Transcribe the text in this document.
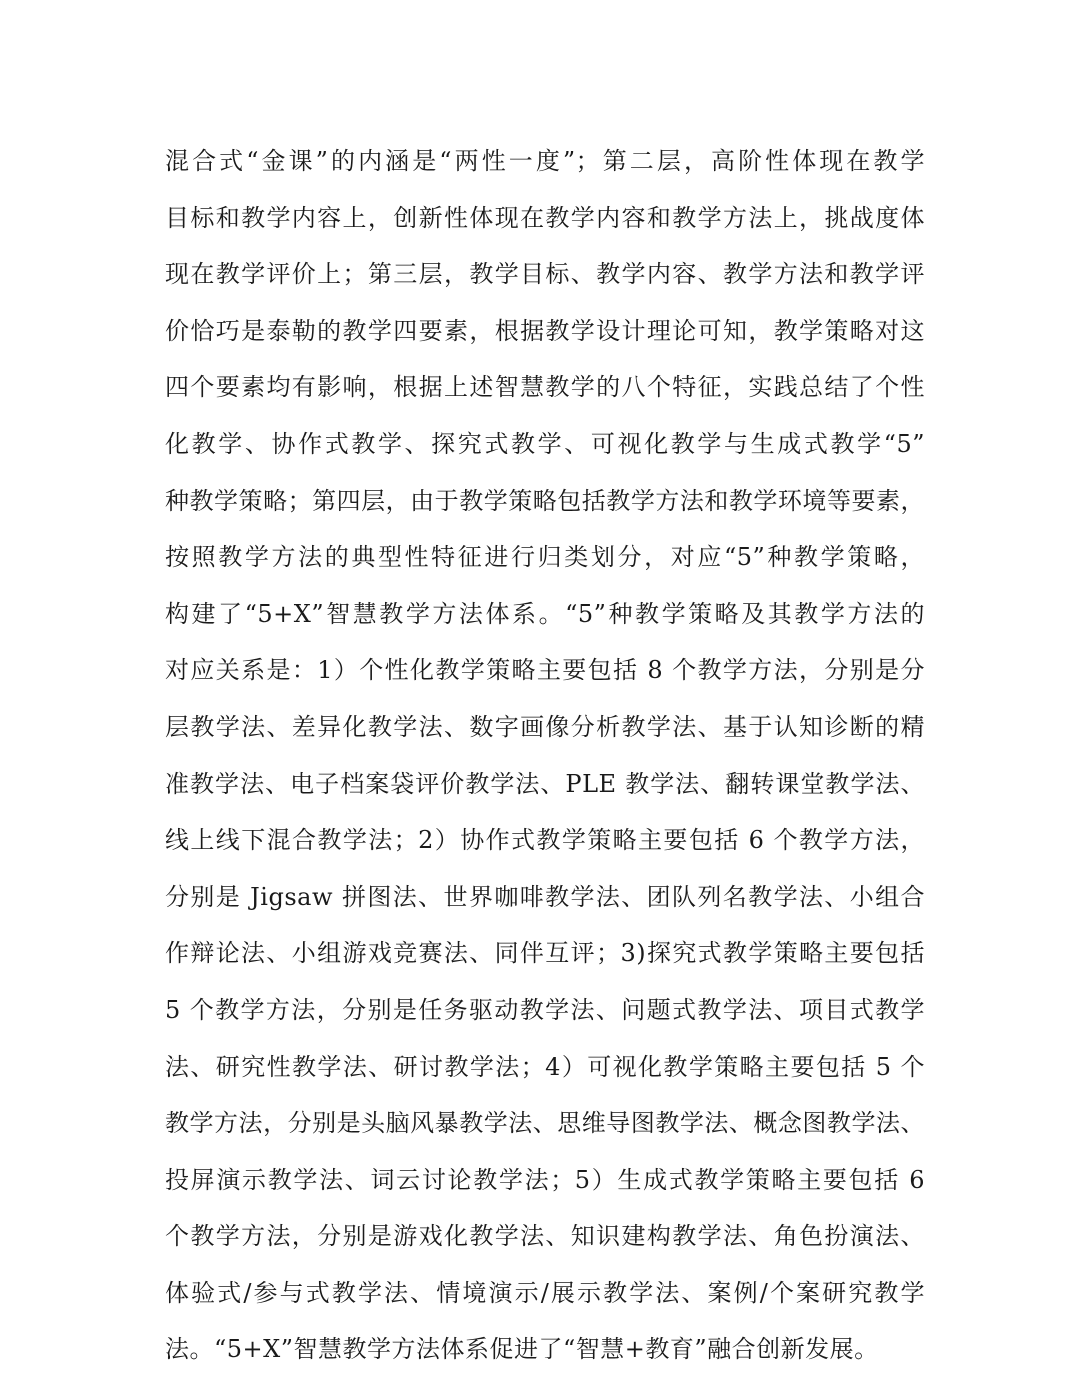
混合式“金课”的内涵是“两性一度”；第二层，高阶性体现在教学
目标和教学内容上，创新性体现在教学内容和教学方法上，挑战度体
现在教学评价上；第三层，教学目标、教学内容、教学方法和教学评
价恰巧是泰勒的教学四要素，根据教学设计理论可知，教学策略对这
四个要素均有影响，根据上述智慧教学的八个特征，实践总结了个性
化教学、协作式教学、探究式教学、可视化教学与生成式教学“5”
种教学策略；第四层，由于教学策略包括教学方法和教学环境等要素，
按照教学方法的典型性特征进行归类划分，对应“5”种教学策略，
构建了“5+X”智慧教学方法体系。“5”种教学策略及其教学方法的
对应关系是：1）个性化教学策略主要包括 8 个教学方法，分别是分
层教学法、差异化教学法、数字画像分析教学法、基于认知诊断的精
准教学法、电子档案袋评价教学法、PLE 教学法、翻转课堂教学法、
线上线下混合教学法；2）协作式教学策略主要包括 6 个教学方法，
分别是 Jigsaw 拼图法、世界咖啡教学法、团队列名教学法、小组合
作辩论法、小组游戏竞赛法、同伴互评；3)探究式教学策略主要包括
5 个教学方法，分别是任务驱动教学法、问题式教学法、项目式教学
法、研究性教学法、研讨教学法；4）可视化教学策略主要包括 5 个
教学方法，分别是头脑风暴教学法、思维导图教学法、概念图教学法、
投屏演示教学法、词云讨论教学法；5）生成式教学策略主要包括 6
个教学方法，分别是游戏化教学法、知识建构教学法、角色扮演法、
体验式/参与式教学法、情境演示/展示教学法、案例/个案研究教学
法。“5+X”智慧教学方法体系促进了“智慧+教育”融合创新发展。
